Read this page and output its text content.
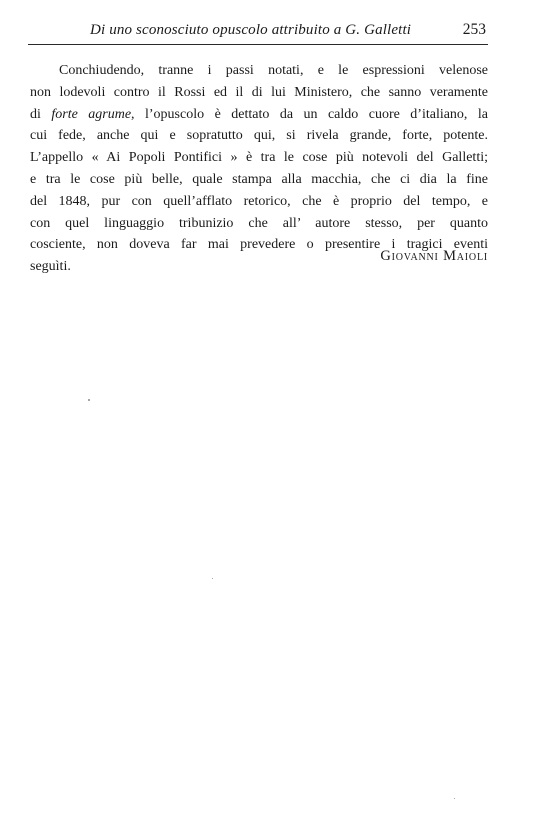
Di uno sconosciuto opuscolo attribuito a G. Galletti	253
Conchiudendo, tranne i passi notati, e le espressioni velenose
non lodevoli contro il Rossi ed il di lui Ministero, che sanno veramente
di forte agrume, l’opuscolo è dettato da un caldo cuore d’italiano, la
cui fede, anche qui e sopratutto qui, si rivela grande, forte, potente.
L’appello « Ai Popoli Pontifici » è tra le cose più notevoli del Galletti;
e tra le cose più belle, quale stampa alla macchia, che ci dia la fine
del 1848, pur con quell’afflato retorico, che è proprio del tempo, e
con quel linguaggio tribunizio che all’ autore stesso, per quanto
cosciente, non doveva far mai prevedere o presentire i tragici eventi
seguìti.
Giovanni Maioli
